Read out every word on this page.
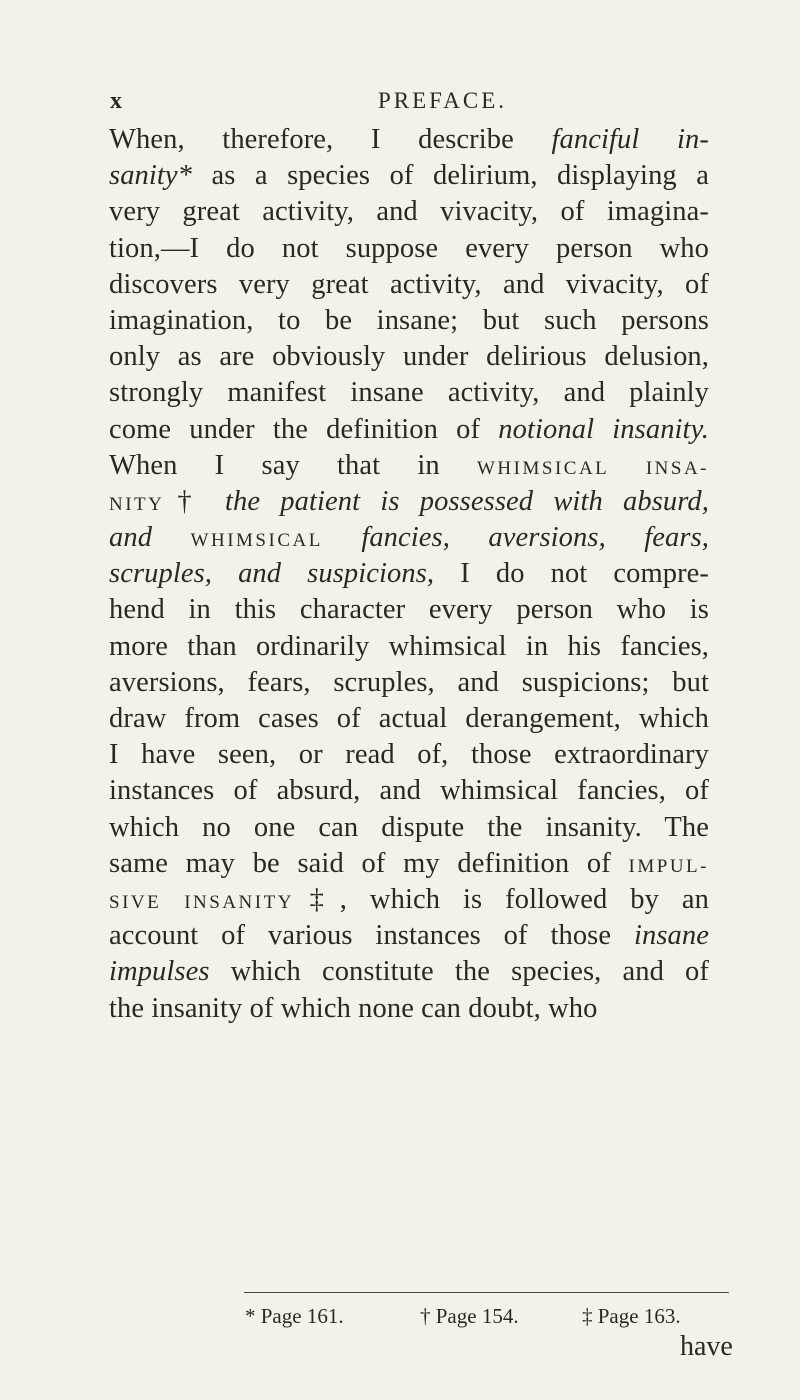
x	PREFACE.
When, therefore, I describe fanciful in-
sanity* as a species of delirium, displaying a
very great activity, and vivacity, of imagina-
tion,—I do not suppose every person who
discovers very great activity, and vivacity, of
imagination, to be insane; but such persons
only as are obviously under delirious delusion,
strongly manifest insane activity, and plainly
come under the definition of notional insanity.
When I say that in WHIMSICAL INSA-
NITY† the patient is possessed with absurd,
and WHIMSICAL fancies, aversions, fears,
scruples, and suspicions, I do not compre-
hend in this character every person who is
more than ordinarily whimsical in his fancies,
aversions, fears, scruples, and suspicions; but
draw from cases of actual derangement, which
I have seen, or read of, those extraordinary
instances of absurd, and whimsical fancies, of
which no one can dispute the insanity. The
same may be said of my definition of IMPUL-
SIVE INSANITY‡, which is followed by an
account of various instances of those insane
impulses which constitute the species, and of
the insanity of which none can doubt, who
* Page 161.	† Page 154.	‡ Page 163.
have
